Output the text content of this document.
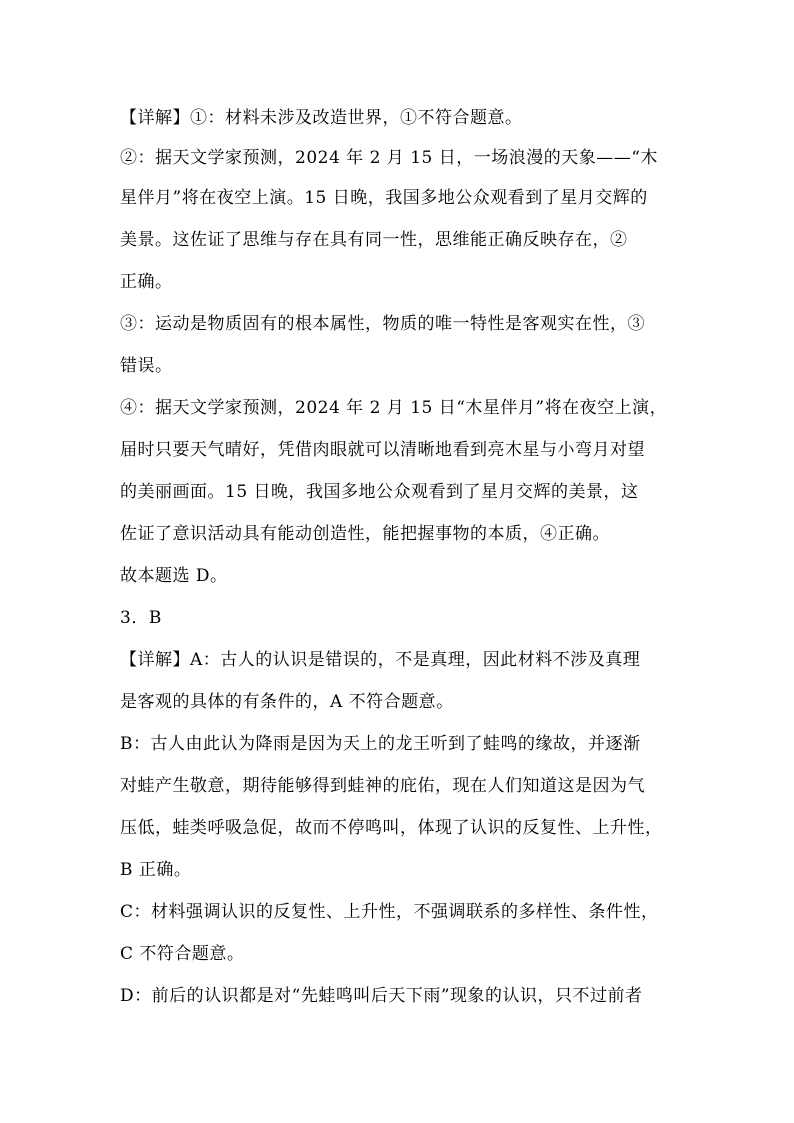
【详解】①：材料未涉及改造世界，①不符合题意。
②：据天文学家预测，2024 年 2 月 15 日，一场浪漫的天象——“木
星伴月”将在夜空上演。15 日晚，我国多地公众观看到了星月交辉的
美景。这佐证了思维与存在具有同一性，思维能正确反映存在，②
正确。
③：运动是物质固有的根本属性，物质的唯一特性是客观实在性，③
错误。
④：据天文学家预测，2024 年 2 月 15 日“木星伴月”将在夜空上演，
届时只要天气晴好，凭借肉眼就可以清晰地看到亮木星与小弯月对望
的美丽画面。15 日晚，我国多地公众观看到了星月交辉的美景，这
佐证了意识活动具有能动创造性，能把握事物的本质，④正确。
故本题选 D。
3．B
【详解】A：古人的认识是错误的，不是真理，因此材料不涉及真理
是客观的具体的有条件的，A 不符合题意。
B：古人由此认为降雨是因为天上的龙王听到了蛙鸣的缘故，并逐渐
对蛙产生敬意，期待能够得到蛙神的庇佑，现在人们知道这是因为气
压低，蛙类呼吸急促，故而不停鸣叫，体现了认识的反复性、上升性，
B 正确。
C：材料强调认识的反复性、上升性，不强调联系的多样性、条件性，
C 不符合题意。
D：前后的认识都是对“先蛙鸣叫后天下雨”现象的认识，只不过前者
